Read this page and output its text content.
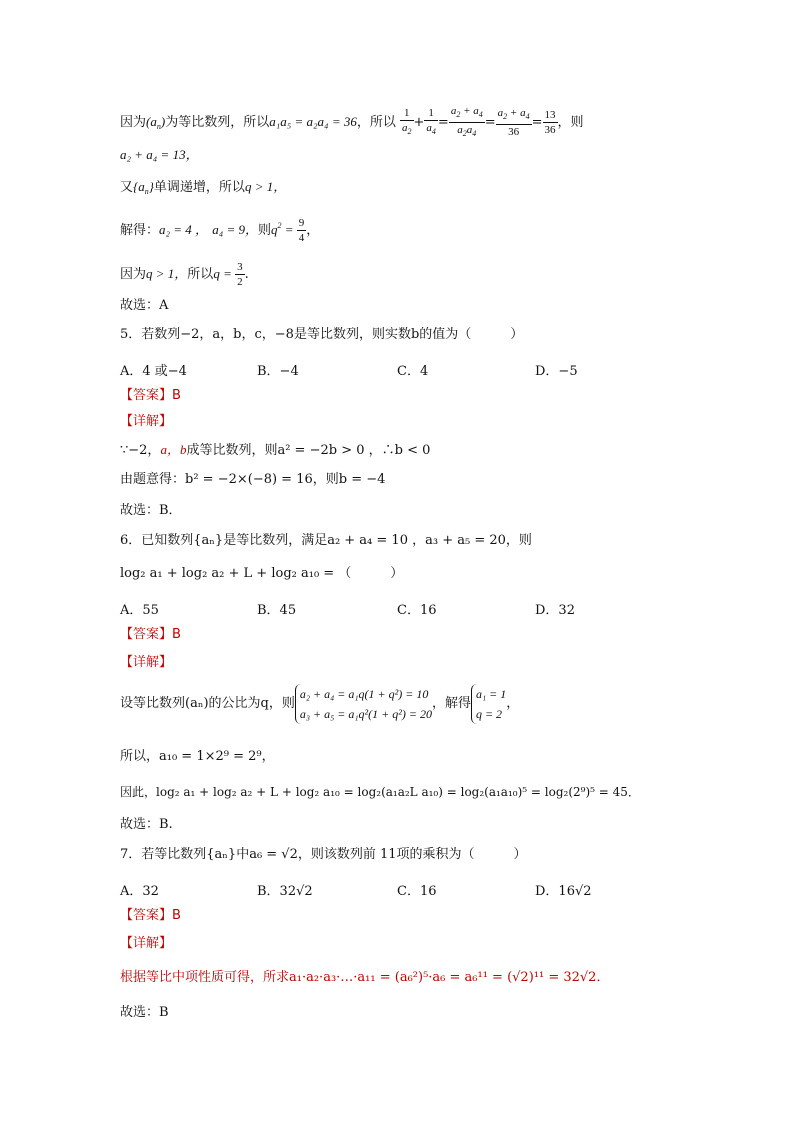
因为$(a_n)$为等比数列，所以a₁a₅ = a₂a₄ = 36，所以 $\frac{1}{a_2} + \frac{1}{a_4} = \frac{a_2 + a_4}{a_2a_4} = \frac{a_2 + a_4}{36} = \frac{13}{36}$ ，则
a₂ + a₄ = 13，
又$\{a_n\}$单调递增，所以q > 1，
解得：a₂ = 4 ， a₄ = 9，则$q^2 = \frac{9}{4}$ ，
因为q > 1，所以$q = \frac{3}{2}$ .
故选：A
5．若数列−2，a，b，c，−8是等比数列，则实数b的值为（　　　）
A．4 或−4	B．−4	C．4	D．−5
【答案】B
【详解】
∵−2，a，b成等比数列，则a² = −2b > 0 ，∴b < 0
由题意得：b² = −2×(−8) = 16，则b = −4
故选：B．
6．已知数列{aₙ}是等比数列，满足a₂ + a₄ = 10 ，a₃ + a₅ = 20，则
log₂ a₁ + log₂ a₂ + L + log₂ a₁₀ = （　　　）
A．55	B．45	C．16	D．32
【答案】B
【详解】
设等比数列(aₙ)的公比为q，则
a₂ + a₄ = a₁q(1 + q²) = 10
a₃ + a₅ = a₁q²(1 + q²) = 20
，解得
a₁ = 1
q = 2
，
所以，a₁₀ = 1×2⁹ = 2⁹，
因此，log₂ a₁ + log₂ a₂ + L + log₂ a₁₀ = log₂(a₁a₂L a₁₀) = log₂(a₁a₁₀)⁵ = log₂(2⁹)⁵ = 45．
故选：B.
7．若等比数列{aₙ}中a₆ = √2，则该数列前 11项的乘积为（　　　）
A．32	B．32√2	C．16	D．16√2
【答案】B
【详解】
根据等比中项性质可得，所求a₁·a₂·a₃·…·a₁₁ = (a₆²)⁵·a₆ = a₆¹¹ = (√2)¹¹ = 32√2．
故选：B
